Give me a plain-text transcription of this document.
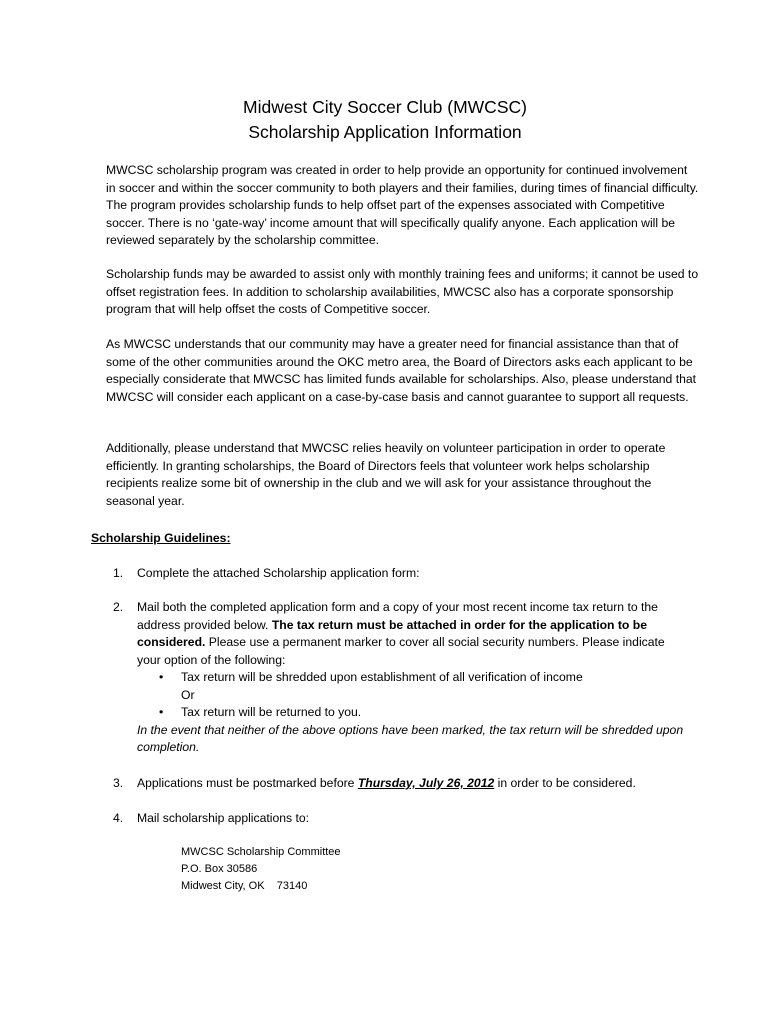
Midwest City Soccer Club (MWCSC)
Scholarship Application Information

MWCSC scholarship program was created in order to help provide an opportunity for continued involvement in soccer and within the soccer community to both players and their families, during times of financial difficulty. The program provides scholarship funds to help offset part of the expenses associated with Competitive soccer. There is no ‘gate-way’ income amount that will specifically qualify anyone. Each application will be reviewed separately by the scholarship committee.

Scholarship funds may be awarded to assist only with monthly training fees and uniforms; it cannot be used to offset registration fees. In addition to scholarship availabilities, MWCSC also has a corporate sponsorship program that will help offset the costs of Competitive soccer.

As MWCSC understands that our community may have a greater need for financial assistance than that of some of the other communities around the OKC metro area, the Board of Directors asks each applicant to be especially considerate that MWCSC has limited funds available for scholarships. Also, please understand that MWCSC will consider each applicant on a case-by-case basis and cannot guarantee to support all requests.

Additionally, please understand that MWCSC relies heavily on volunteer participation in order to operate efficiently. In granting scholarships, the Board of Directors feels that volunteer work helps scholarship recipients realize some bit of ownership in the club and we will ask for your assistance throughout the seasonal year.

Scholarship Guidelines:
1. Complete the attached Scholarship application form:
2. Mail both the completed application form and a copy of your most recent income tax return to the address provided below. The tax return must be attached in order for the application to be considered. Please use a permanent marker to cover all social security numbers. Please indicate your option of the following:
• Tax return will be shredded upon establishment of all verification of income
Or
• Tax return will be returned to you.
In the event that neither of the above options have been marked, the tax return will be shredded upon completion.
3. Applications must be postmarked before Thursday, July 26, 2012 in order to be considered.
4. Mail scholarship applications to:
MWCSC Scholarship Committee
P.O. Box 30586
Midwest City, OK    73140
